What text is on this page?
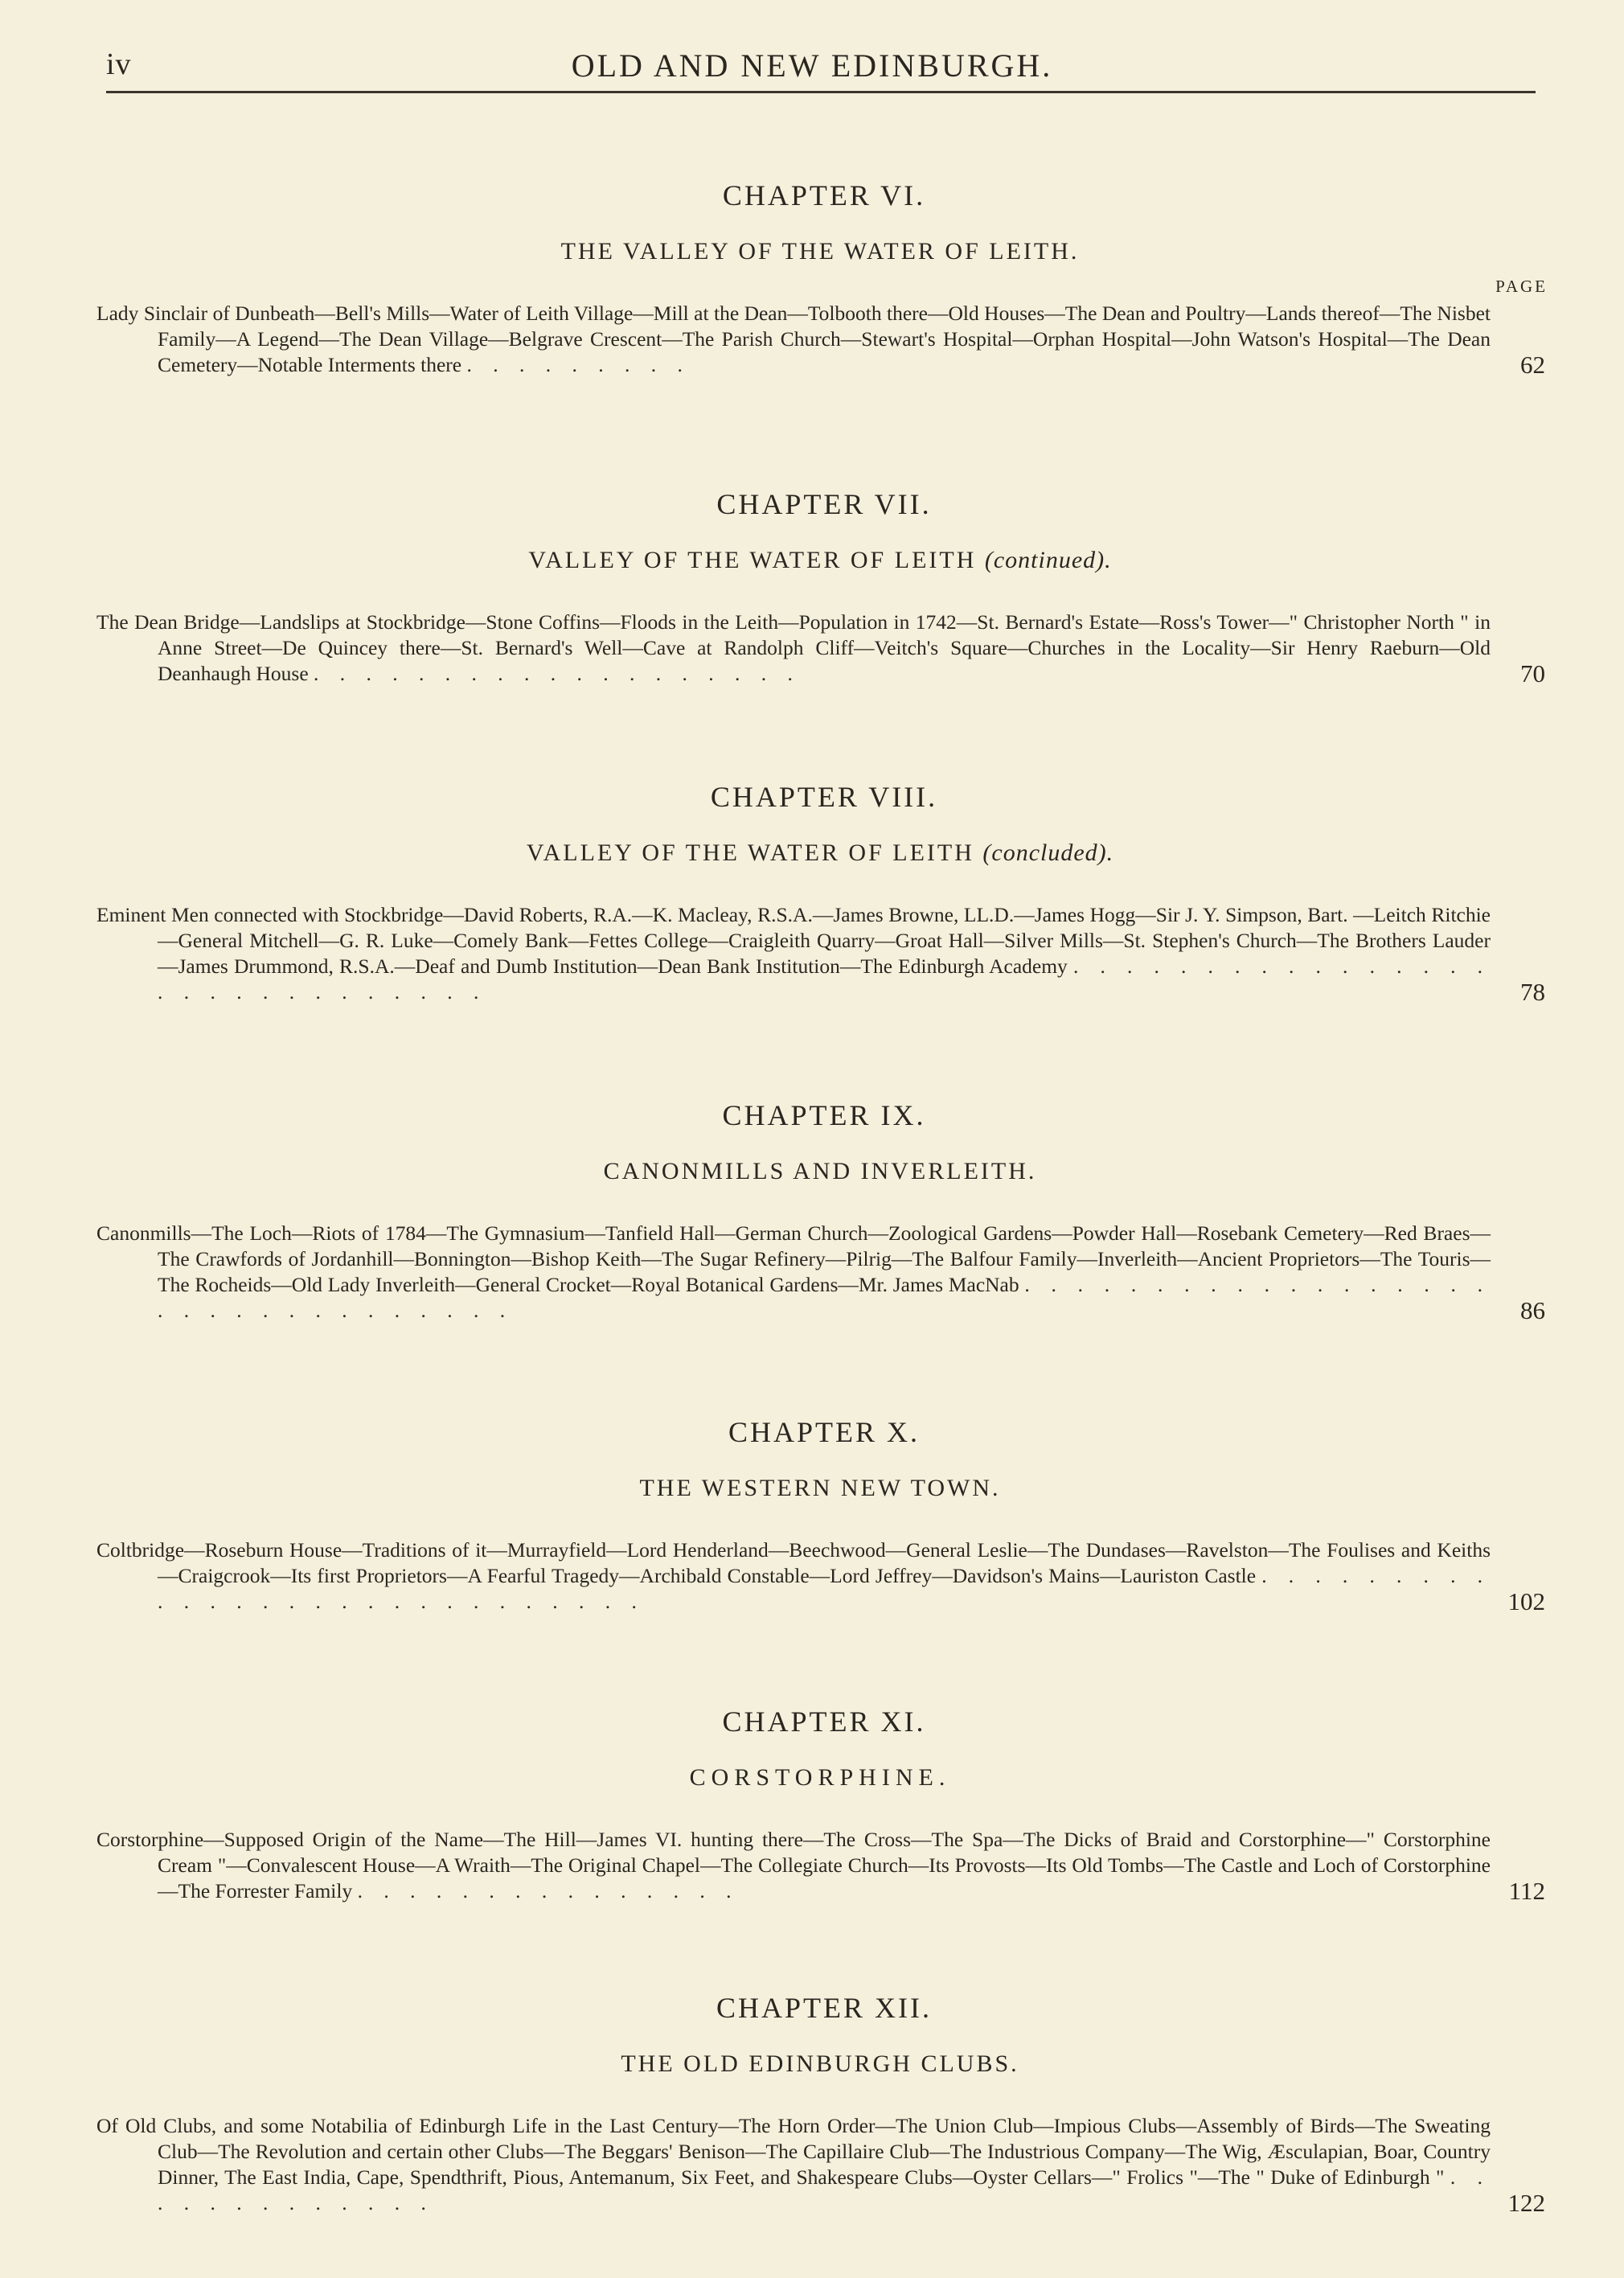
iv	OLD AND NEW EDINBURGH.
CHAPTER VI.
THE VALLEY OF THE WATER OF LEITH.
PAGE

Lady Sinclair of Dunbeath—Bell's Mills—Water of Leith Village—Mill at the Dean—Tolbooth there—Old Houses—The Dean and Poultry—Lands thereof—The Nisbet Family—A Legend—The Dean Village—Belgrave Crescent—The Parish Church—Stewart's Hospital—Orphan Hospital—John Watson's Hospital—The Dean Cemetery—Notable Interments there . . . . . . . . .	62

CHAPTER VII.
VALLEY OF THE WATER OF LEITH (continued).

The Dean Bridge—Landslips at Stockbridge—Stone Coffins—Floods in the Leith—Population in 1742—St. Bernard's Estate—Ross's Tower—" Christopher North " in Anne Street—De Quincey there—St. Bernard's Well—Cave at Randolph Cliff—Veitch's Square—Churches in the Locality—Sir Henry Raeburn—Old Deanhaugh House . . . . . . . . . . . . . . . . . . .	70

CHAPTER VIII.
VALLEY OF THE WATER OF LEITH (concluded).

Eminent Men connected with Stockbridge—David Roberts, R.A.—K. Macleay, R.S.A.—James Browne, LL.D.—James Hogg—Sir J. Y. Simpson, Bart. —Leitch Ritchie—General Mitchell—G. R. Luke—Comely Bank—Fettes College—Craigleith Quarry—Groat Hall—Silver Mills—St. Stephen's Church—The Brothers Lauder—James Drummond, R.S.A.—Deaf and Dumb Institution—Dean Bank Institution—The Edinburgh Academy . . . . . . . . . . . . . . . . . . . . . . . . . . . . .	78

CHAPTER IX.
CANONMILLS AND INVERLEITH.

Canonmills—The Loch—Riots of 1784—The Gymnasium—Tanfield Hall—German Church—Zoological Gardens—Powder Hall—Rosebank Cemetery—Red Braes—The Crawfords of Jordanhill—Bonnington—Bishop Keith—The Sugar Refinery—Pilrig—The Balfour Family—Inverleith—Ancient Proprietors—The Touris—The Rocheids—Old Lady Inverleith—General Crocket—Royal Botanical Gardens—Mr. James MacNab . . . . . . . . . . . . . . . . . . . . . . . . . . . . . . . .	86

CHAPTER X.
THE WESTERN NEW TOWN.

Coltbridge—Roseburn House—Traditions of it—Murrayfield—Lord Henderland—Beechwood—General Leslie—The Dundases—Ravelston—The Foulises and Keiths—Craigcrook—Its first Proprietors—A Fearful Tragedy—Archibald Constable—Lord Jeffrey—Davidson's Mains—Lauriston Castle . . . . . . . . . . . . . . . . . . . . . . . . . . . .	102

CHAPTER XI.
CORSTORPHINE.

Corstorphine—Supposed Origin of the Name—The Hill—James VI. hunting there—The Cross—The Spa—The Dicks of Braid and Corstorphine—" Corstorphine Cream "—Convalescent House—A Wraith—The Original Chapel—The Collegiate Church—Its Provosts—Its Old Tombs—The Castle and Loch of Corstorphine—The Forrester Family . . . . . . . . . . . . . . .	112

CHAPTER XII.
THE OLD EDINBURGH CLUBS.

Of Old Clubs, and some Notabilia of Edinburgh Life in the Last Century—The Horn Order—The Union Club—Impious Clubs—Assembly of Birds—The Sweating Club—The Revolution and certain other Clubs—The Beggars' Benison—The Capillaire Club—The Industrious Company—The Wig, Æsculapian, Boar, Country Dinner, The East India, Cape, Spendthrift, Pious, Antemanum, Six Feet, and Shakespeare Clubs—Oyster Cellars—" Frolics "—The " Duke of Edinburgh " . . . . . . . . . . . . .	122
